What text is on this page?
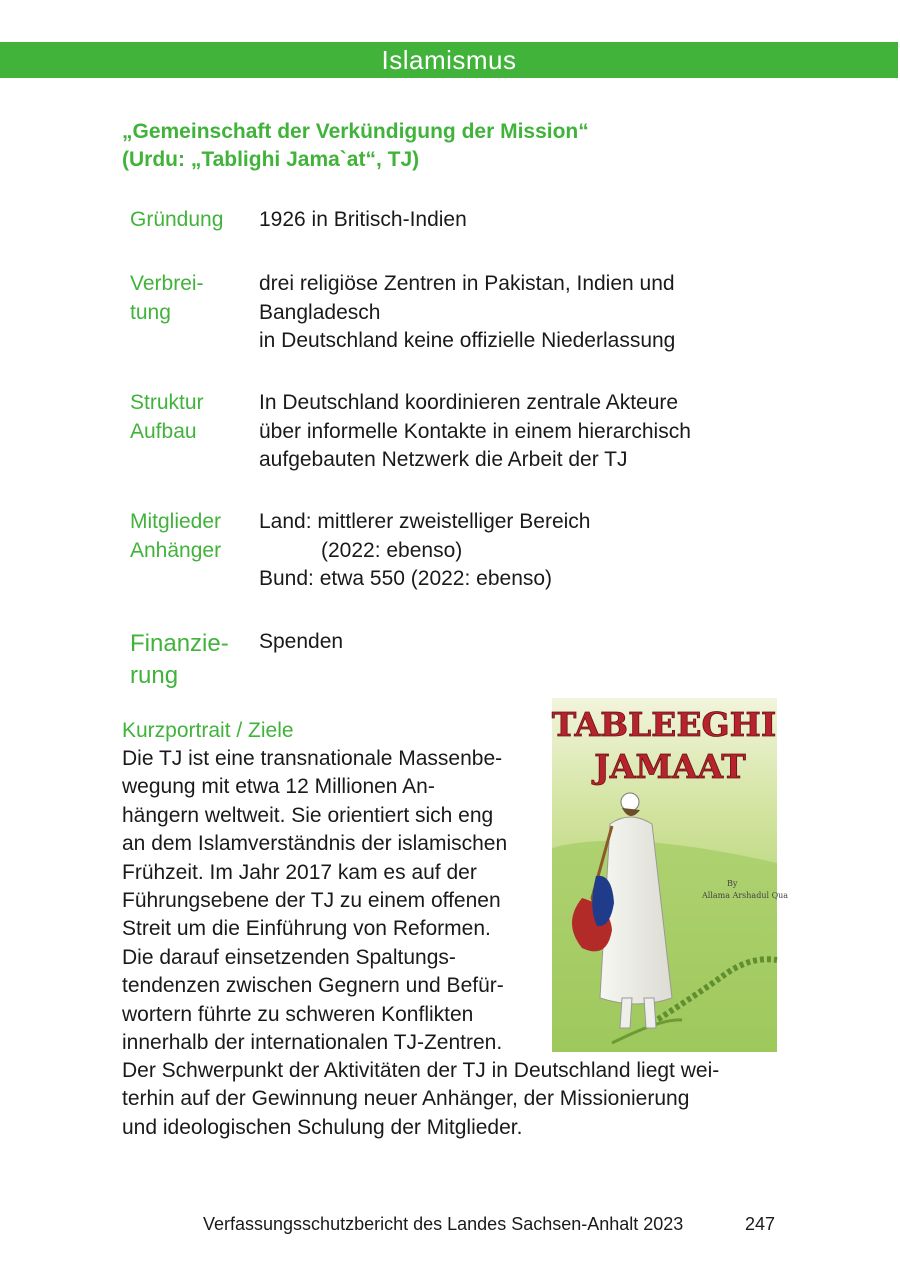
Islamismus
„Gemeinschaft der Verkündigung der Mission“
(Urdu: „Tablighi Jama`at“, TJ)
Gründung	1926 in Britisch-Indien
Verbrei-
tung
drei religiöse Zentren in Pakistan, Indien und
Bangladesch
in Deutschland keine offizielle Niederlassung
Struktur
Aufbau
In Deutschland koordinieren zentrale Akteure
über informelle Kontakte in einem hierarchisch
aufgebauten Netzwerk die Arbeit der TJ
Mitglieder
Anhänger
Land: mittlerer zweistelliger Bereich
(2022: ebenso)
Bund: etwa 550 (2022: ebenso)
Finanzie-
rung
Spenden
Kurzportrait / Ziele
Die TJ ist eine transnationale Massenbe-
wegung mit etwa 12 Millionen An-
hängern weltweit. Sie orientiert sich eng
an dem Islamverständnis der islamischen
Frühzeit. Im Jahr 2017 kam es auf der
Führungsebene der TJ zu einem offenen
Streit um die Einführung von Reformen.
Die darauf einsetzenden Spaltungs-
tendenzen zwischen Gegnern und Befür-
wortern führte zu schweren Konflikten
innerhalb der internationalen TJ-Zentren.
Der Schwerpunkt der Aktivitäten der TJ in Deutschland liegt wei-
terhin auf der Gewinnung neuer Anhänger, der Missionierung
und ideologischen Schulung der Mitglieder.
TABLEEGHI
JAMAAT
By
Allama Arshadul Qua
Verfassungsschutzbericht des Landes Sachsen-Anhalt 2023	247
